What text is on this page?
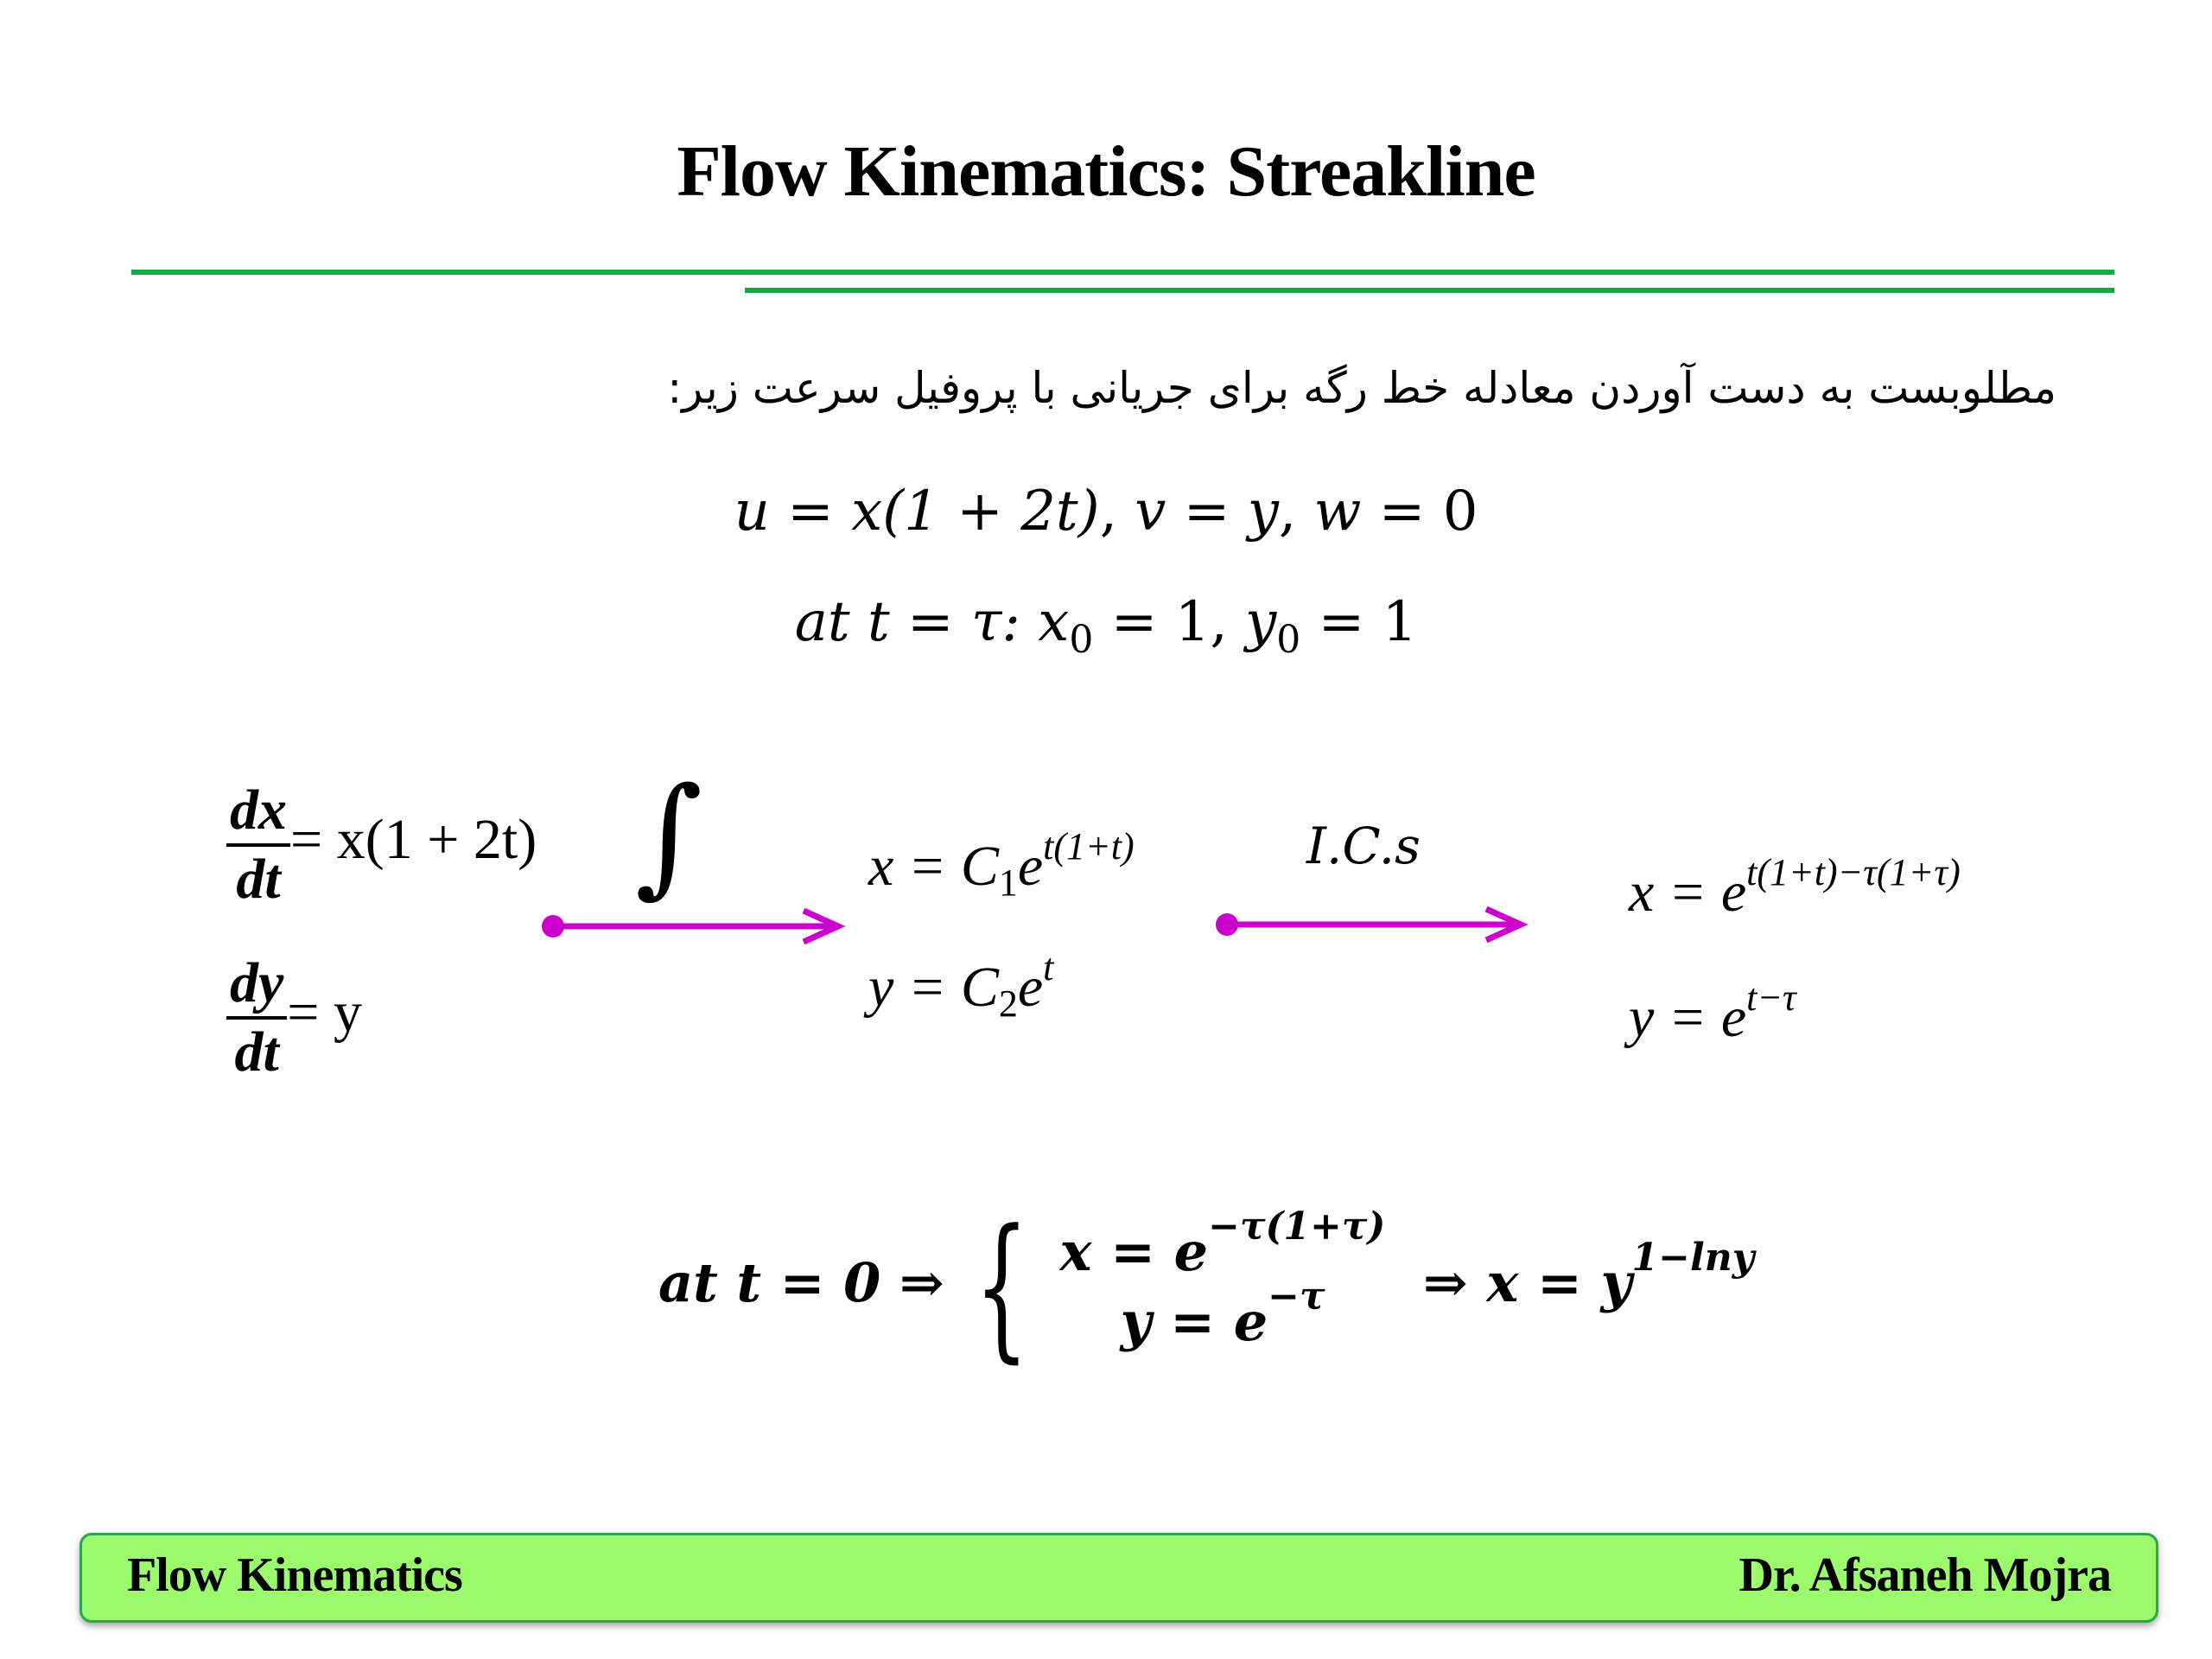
Flow Kinematics: Streakline
مطلوبست به دست آوردن معادله خط رگه برای جریانی با پروفیل سرعت زیر:
u = x(1 + 2t), v = y, w = 0
at t = τ: $x_0 = 1$, $y_0 = 1$
$\frac{dx}{dt} = x(1 + 2t)$ ∫
$\frac{dy}{dt} = y$
$x = C_1e^{t(1+t)}$
$y = C_2e^t$
I.C.s
$x = e^{t(1+t)-\tau(1+\tau)}$
$y = e^{t-\tau}$
at t = 0 ⇒ { $x = e^{-\tau(1+\tau)}$
$y = e^{-\tau}$	⇒ $x = y^{1-lny}$
Flow Kinematics	Dr. Afsaneh Mojra
